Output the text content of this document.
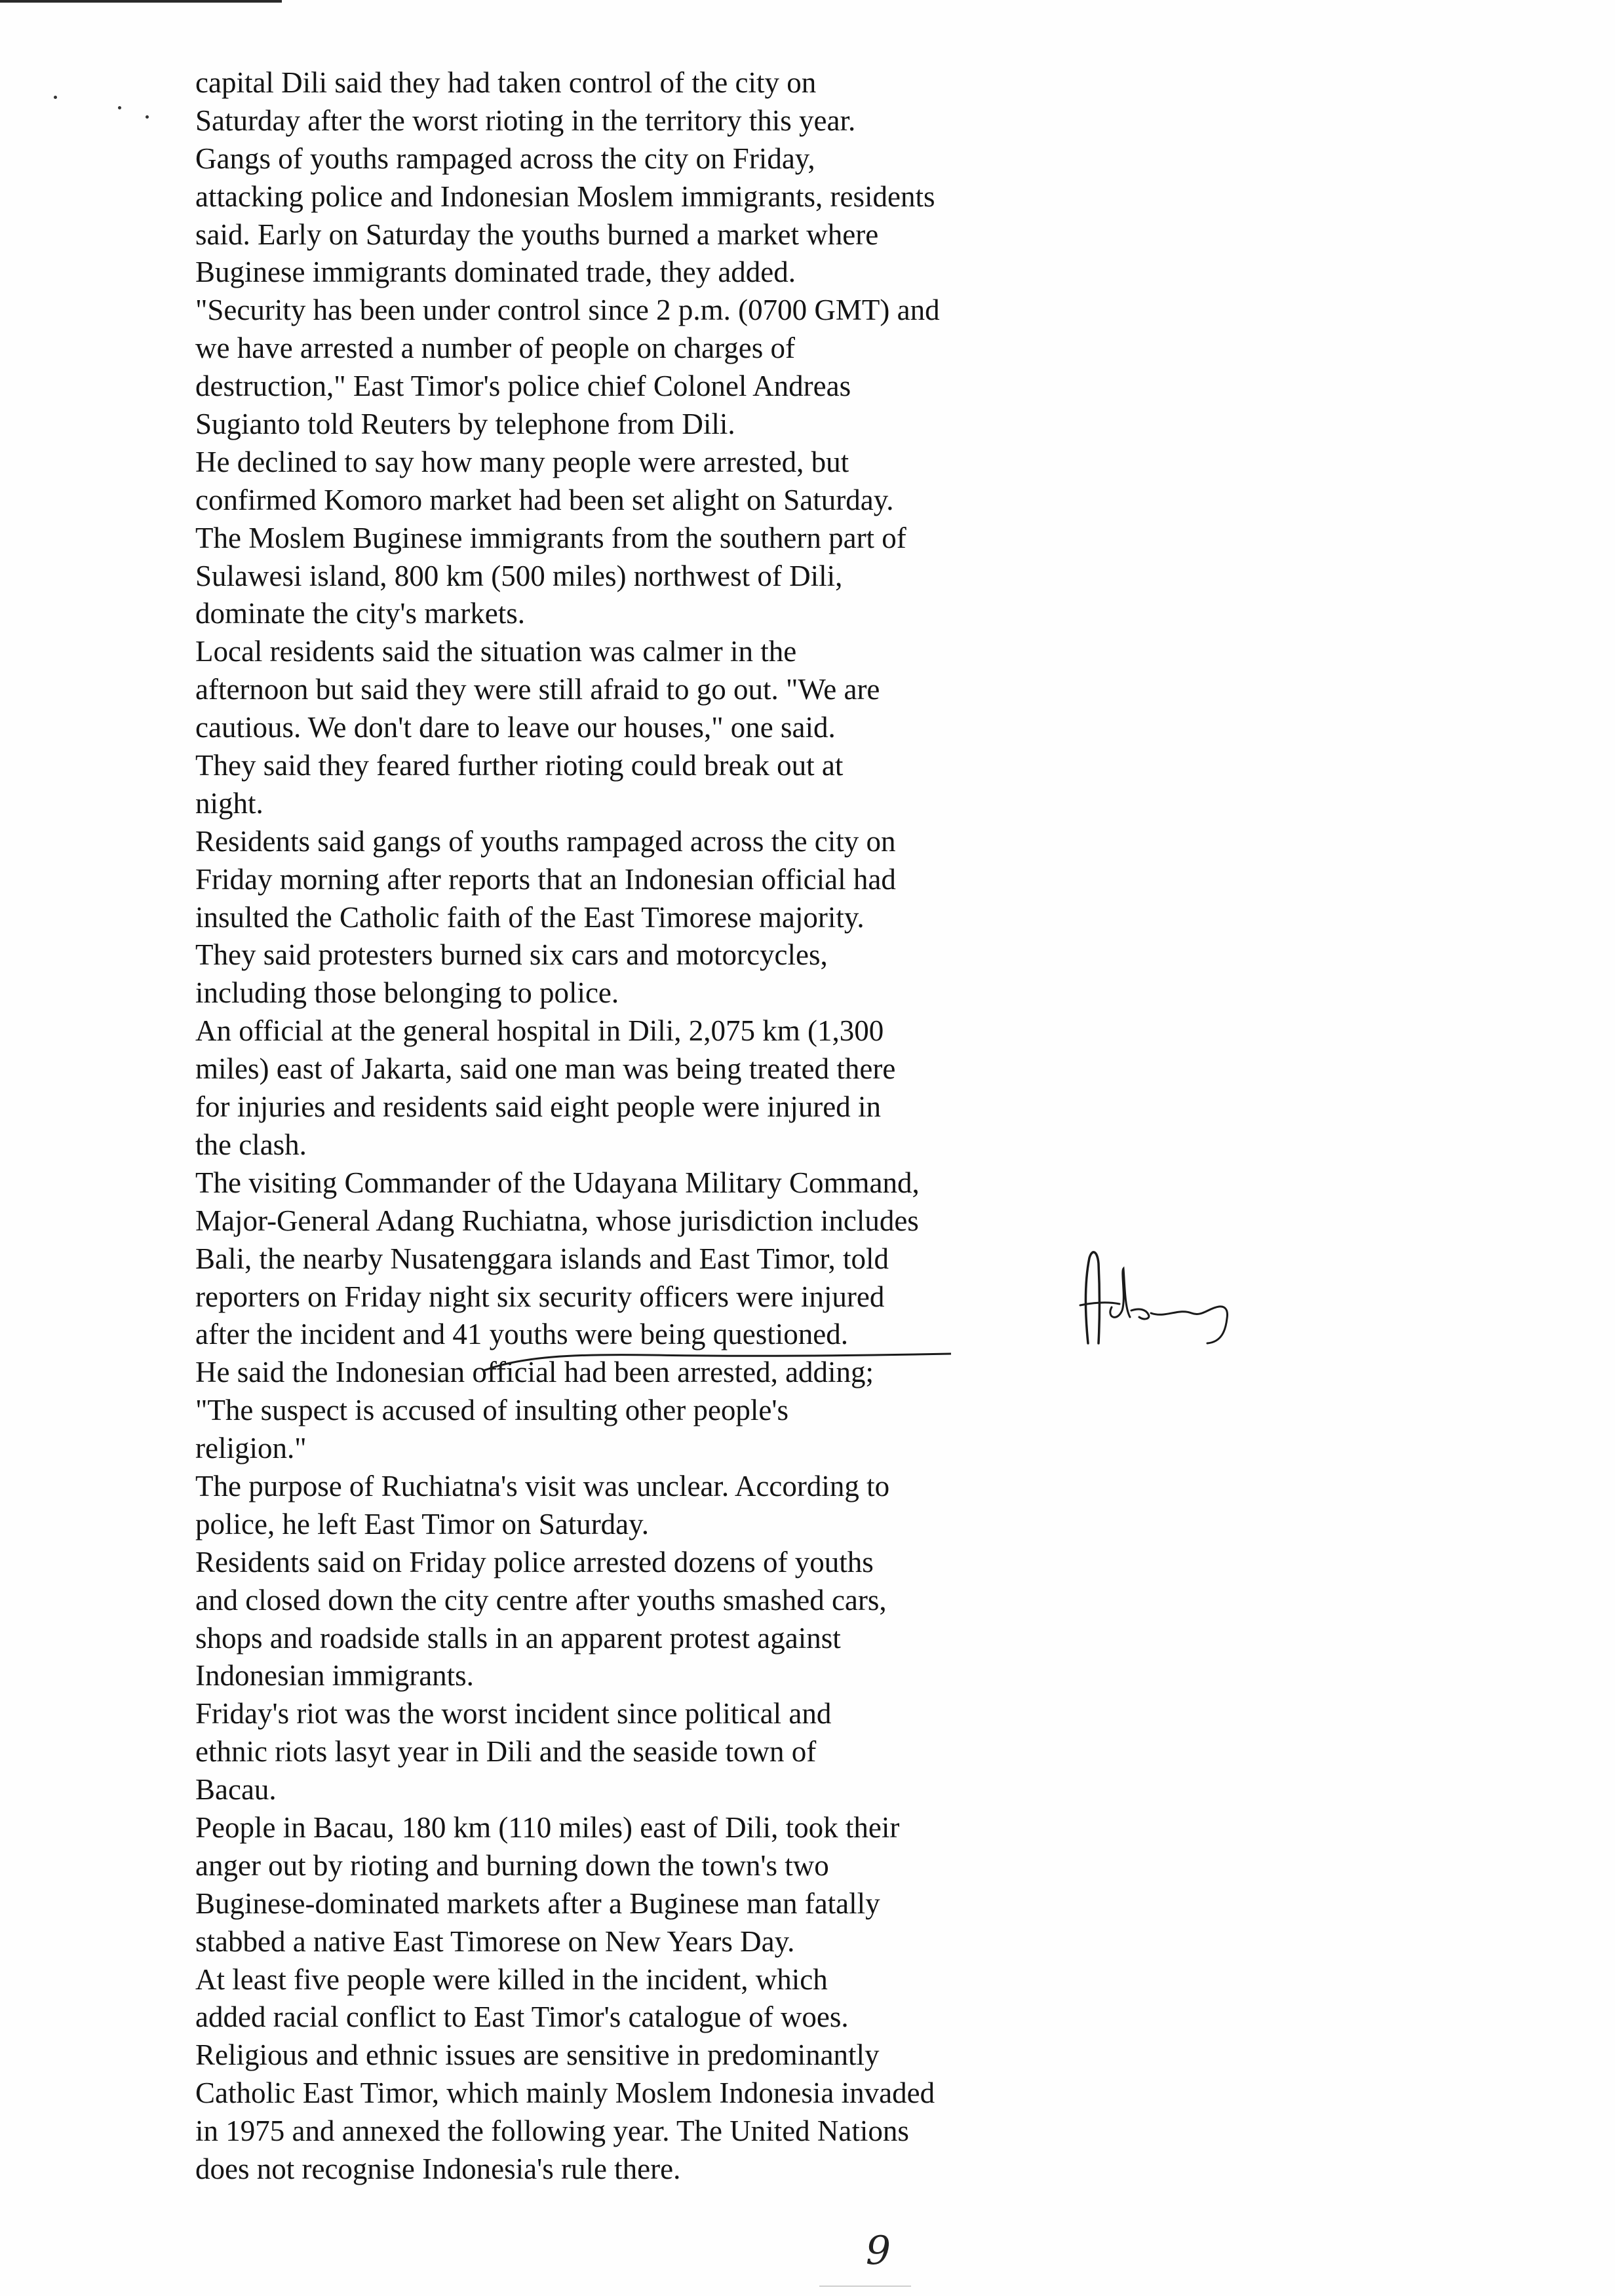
capital Dili said they had taken control of the city on
Saturday after the worst rioting in the territory this year.
Gangs of youths rampaged across the city on Friday,
attacking police and Indonesian Moslem immigrants, residents
said. Early on Saturday the youths burned a market where
Buginese immigrants dominated trade, they added.
"Security has been under control since 2 p.m. (0700 GMT) and
we have arrested a number of people on charges of
destruction," East Timor's police chief Colonel Andreas
Sugianto told Reuters by telephone from Dili.
He declined to say how many people were arrested, but
confirmed Komoro market had been set alight on Saturday.
The Moslem Buginese immigrants from the southern part of
Sulawesi island, 800 km (500 miles) northwest of Dili,
dominate the city's markets.
Local residents said the situation was calmer in the
afternoon but said they were still afraid to go out. "We are
cautious. We don't dare to leave our houses," one said.
They said they feared further rioting could break out at
night.
Residents said gangs of youths rampaged across the city on
Friday morning after reports that an Indonesian official had
insulted the Catholic faith of the East Timorese majority.
They said protesters burned six cars and motorcycles,
including those belonging to police.
An official at the general hospital in Dili, 2,075 km (1,300
miles) east of Jakarta, said one man was being treated there
for injuries and residents said eight people were injured in
the clash.
The visiting Commander of the Udayana Military Command,
Major-General Adang Ruchiatna, whose jurisdiction includes
Bali, the nearby Nusatenggara islands and East Timor, told
reporters on Friday night six security officers were injured
after the incident and 41 youths were being questioned.
He said the Indonesian official had been arrested, adding;
"The suspect is accused of insulting other people's
religion."
The purpose of Ruchiatna's visit was unclear. According to
police, he left East Timor on Saturday.
Residents said on Friday police arrested dozens of youths
and closed down the city centre after youths smashed cars,
shops and roadside stalls in an apparent protest against
Indonesian immigrants.
Friday's riot was the worst incident since political and
ethnic riots lasyt year in Dili and the seaside town of
Bacau.
People in Bacau, 180 km (110 miles) east of Dili, took their
anger out by rioting and burning down the town's two
Buginese-dominated markets after a Buginese man fatally
stabbed a native East Timorese on New Years Day.
At least five people were killed in the incident, which
added racial conflict to East Timor's catalogue of woes.
Religious and ethnic issues are sensitive in predominantly
Catholic East Timor, which mainly Moslem Indonesia invaded
in 1975 and annexed the following year. The United Nations
does not recognise Indonesia's rule there.
9
